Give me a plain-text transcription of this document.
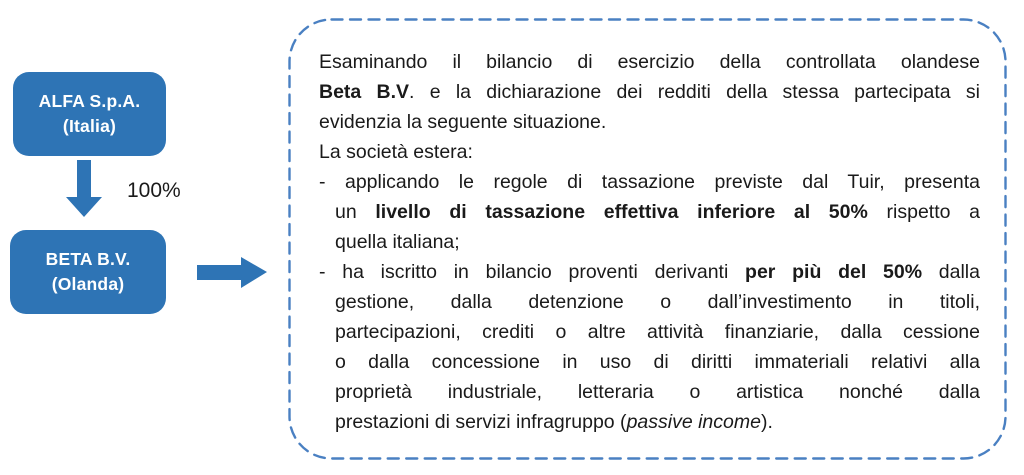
ALFA S.p.A.
(Italia)
100%
BETA B.V.
(Olanda)
Esaminando il bilancio di esercizio della controllata olandese
Beta B.V. e la dichiarazione dei redditi della stessa partecipata si
evidenzia la seguente situazione.
La società estera:
- applicando le regole di tassazione previste dal Tuir, presenta
un livello di tassazione effettiva inferiore al 50% rispetto a
quella italiana;
- ha iscritto in bilancio proventi derivanti per più del 50% dalla
gestione, dalla detenzione o dall’investimento in titoli,
partecipazioni, crediti o altre attività finanziarie, dalla cessione
o dalla concessione in uso di diritti immateriali relativi alla
proprietà industriale, letteraria o artistica nonché dalla
prestazioni di servizi infragruppo (passive income).
